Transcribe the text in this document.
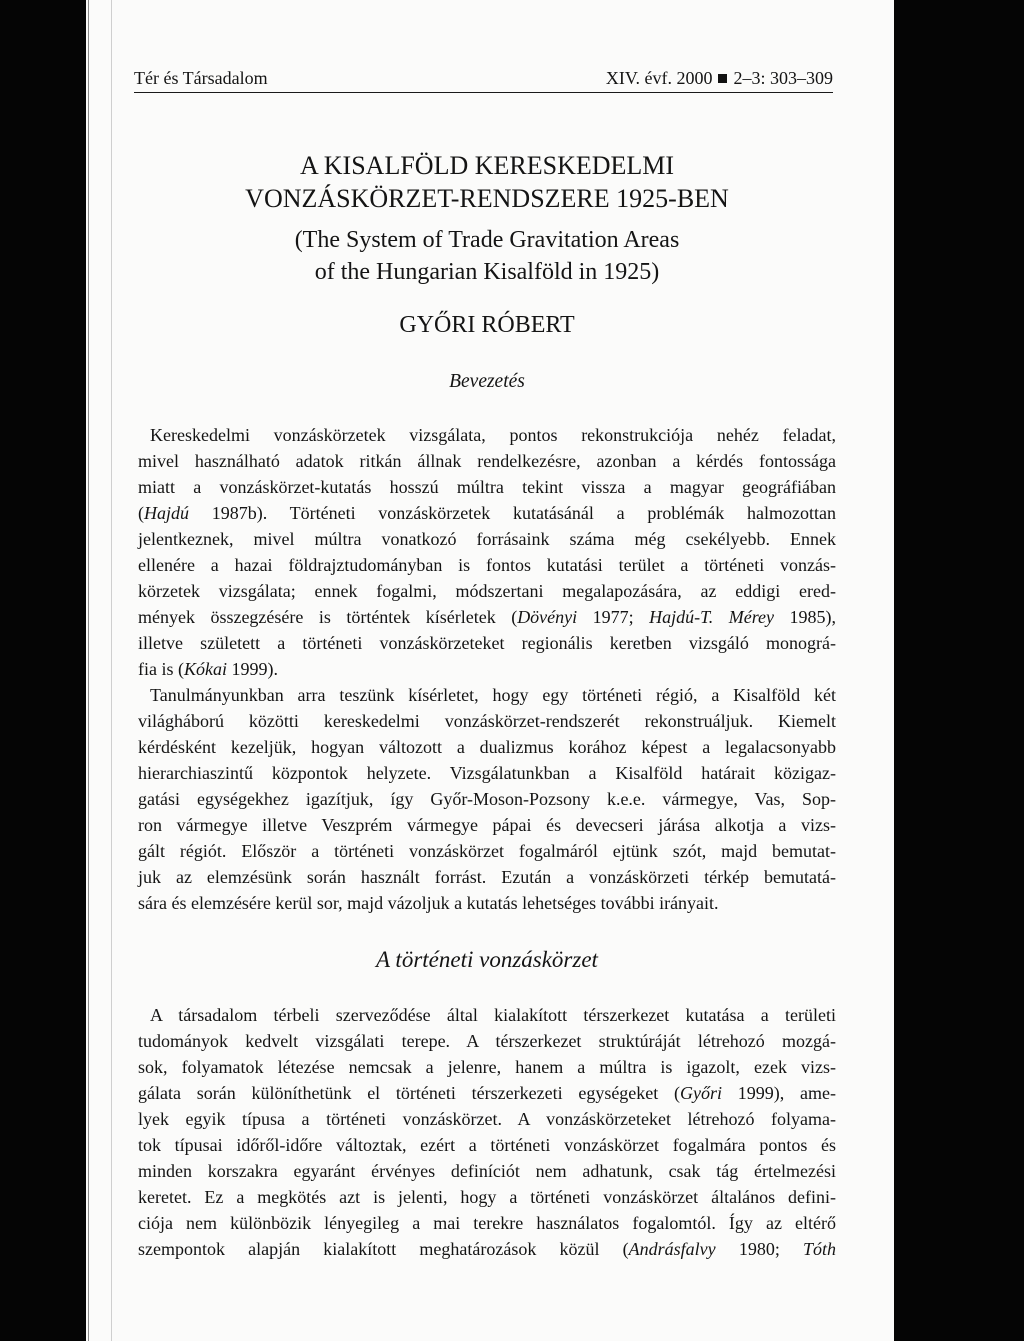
Tér és Társadalom	XIV. évf. 2000 2–3: 303–309
A KISALFÖLD KERESKEDELMI
VONZÁSKÖRZET-RENDSZERE 1925-BEN
(The System of Trade Gravitation Areas
of the Hungarian Kisalföld in 1925)
GYŐRI RÓBERT
Bevezetés
Kereskedelmi vonzáskörzetek vizsgálata, pontos rekonstrukciója nehéz feladat,
mivel használható adatok ritkán állnak rendelkezésre, azonban a kérdés fontossága
miatt a vonzáskörzet-kutatás hosszú múltra tekint vissza a magyar geográfiában
(Hajdú 1987b). Történeti vonzáskörzetek kutatásánál a problémák halmozottan
jelentkeznek, mivel múltra vonatkozó forrásaink száma még csekélyebb. Ennek
ellenére a hazai földrajztudományban is fontos kutatási terület a történeti vonzás-
körzetek vizsgálata; ennek fogalmi, módszertani megalapozására, az eddigi ered-
mények összegzésére is történtek kísérletek (Dövényi 1977; Hajdú-T. Mérey 1985),
illetve született a történeti vonzáskörzeteket regionális keretben vizsgáló monográ-
fia is (Kókai 1999).
Tanulmányunkban arra teszünk kísérletet, hogy egy történeti régió, a Kisalföld két
világháború közötti kereskedelmi vonzáskörzet-rendszerét rekonstruáljuk. Kiemelt
kérdésként kezeljük, hogyan változott a dualizmus korához képest a legalacsonyabb
hierarchiaszintű központok helyzete. Vizsgálatunkban a Kisalföld határait közigaz-
gatási egységekhez igazítjuk, így Győr-Moson-Pozsony k.e.e. vármegye, Vas, Sop-
ron vármegye illetve Veszprém vármegye pápai és devecseri járása alkotja a vizs-
gált régiót. Először a történeti vonzáskörzet fogalmáról ejtünk szót, majd bemutat-
juk az elemzésünk során használt forrást. Ezután a vonzáskörzeti térkép bemutatá-
sára és elemzésére kerül sor, majd vázoljuk a kutatás lehetséges további irányait.
A történeti vonzáskörzet
A társadalom térbeli szerveződése által kialakított térszerkezet kutatása a területi
tudományok kedvelt vizsgálati terepe. A térszerkezet struktúráját létrehozó mozgá-
sok, folyamatok létezése nemcsak a jelenre, hanem a múltra is igazolt, ezek vizs-
gálata során különíthetünk el történeti térszerkezeti egységeket (Győri 1999), ame-
lyek egyik típusa a történeti vonzáskörzet. A vonzáskörzeteket létrehozó folyama-
tok típusai időről-időre változtak, ezért a történeti vonzáskörzet fogalmára pontos és
minden korszakra egyaránt érvényes definíciót nem adhatunk, csak tág értelmezési
keretet. Ez a megkötés azt is jelenti, hogy a történeti vonzáskörzet általános defini-
ciója nem különbözik lényegileg a mai terekre használatos fogalomtól. Így az eltérő
szempontok alapján kialakított meghatározások közül (Andrásfalvy 1980; Tóth
